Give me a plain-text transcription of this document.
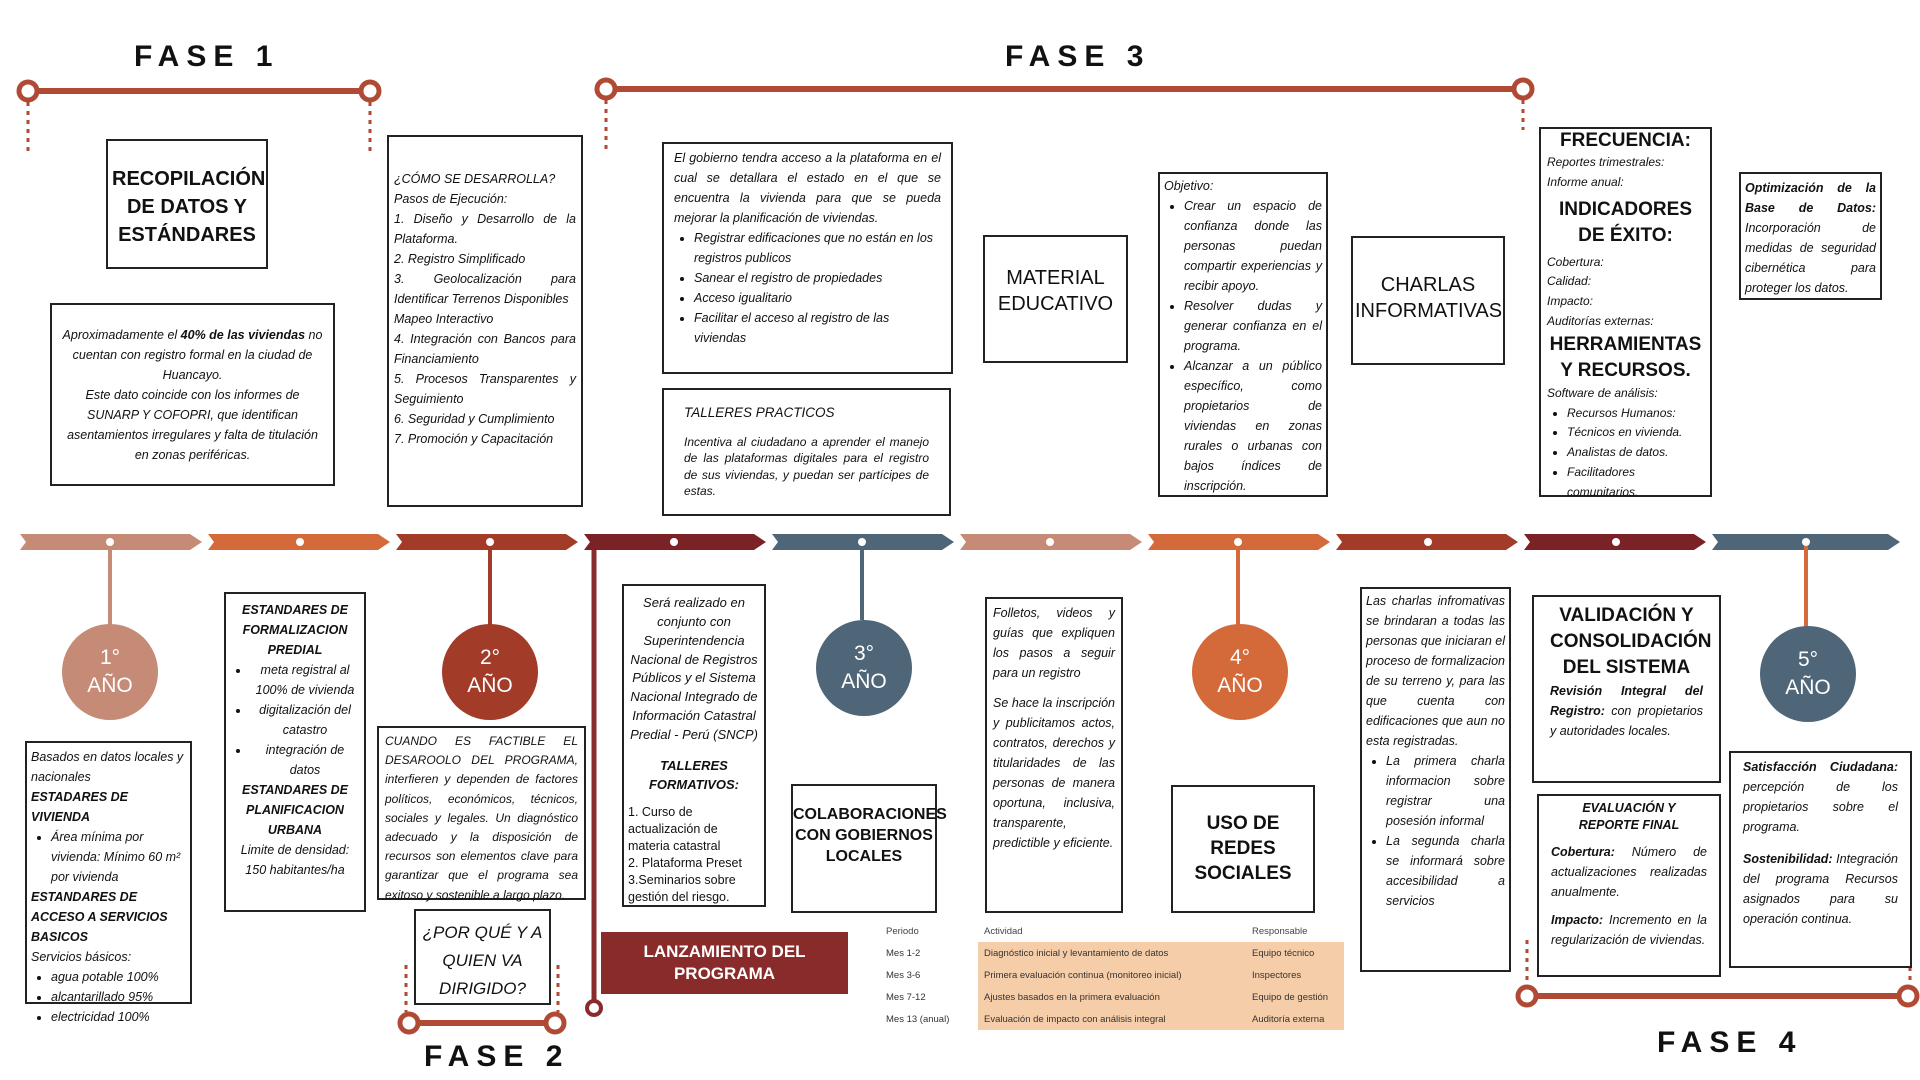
FASE 1	FASE 3
FASE 2	FASE 4
RECOPILACIÓN DE DATOS Y ESTÁNDARES
Aproximadamente el 40% de las viviendas no cuentan con registro formal en la ciudad de Huancayo.
Este dato coincide con los informes de SUNARP Y COFOPRI, que identifican asentamientos irregulares y falta de titulación en zonas periféricas.
¿CÓMO SE DESARROLLA?
Pasos de Ejecución:
1. Diseño y Desarrollo de la Plataforma.
2. Registro Simplificado
3. Geolocalización para Identificar Terrenos Disponibles
Mapeo Interactivo
4. Integración con Bancos para Financiamiento
5. Procesos Transparentes y Seguimiento
6. Seguridad y Cumplimiento
7. Promoción y Capacitación
El gobierno tendra acceso a la plataforma en el cual se detallara el estado en el que se encuentra la vivienda para que se pueda mejorar la planificación de viviendas.
• Registrar edificaciones que no están en los registros publicos
• Sanear el registro de propiedades
• Acceso igualitario
• Facilitar el acceso al registro de las viviendas
TALLERES PRACTICOS
Incentiva al ciudadano a aprender el manejo de las plataformas digitales para el registro de sus viviendas, y puedan ser partícipes de estas.
MATERIAL EDUCATIVO
Objetivo:
• Crear un espacio de confianza donde las personas puedan compartir experiencias y recibir apoyo.
• Resolver dudas y generar confianza en el programa.
• Alcanzar a un público específico, como propietarios de viviendas en zonas rurales o urbanas con bajos índices de inscripción.
CHARLAS INFORMATIVAS
FRECUENCIA:
Reportes trimestrales:
Informe anual:
INDICADORES DE ÉXITO:
Cobertura:
Calidad:
Impacto:
Auditorías externas:
HERRAMIENTAS Y RECURSOS.
Software de análisis:
• Recursos Humanos:
• Técnicos en vivienda.
• Analistas de datos.
• Facilitadores comunitarios.
Optimización de la Base de Datos: Incorporación de medidas de seguridad cibernética para proteger los datos.
1°
AÑO
2°
AÑO
3°
AÑO
4°
AÑO
5°
AÑO
ESTANDARES DE FORMALIZACION PREDIAL
• meta registral al 100% de vivienda
• digitalización del catastro
• integración de datos
ESTANDARES DE PLANIFICACION URBANA
Limite de densidad: 150 habitantes/ha
Basados en datos locales y nacionales
ESTADARES DE VIVIENDA
• Área mínima por vivienda: Mínimo 60 m² por vivienda
ESTANDARES DE ACCESO A SERVICIOS BASICOS
Servicios básicos:
• agua potable 100%
• alcantarillado 95%
• electricidad 100%
CUANDO ES FACTIBLE EL DESAROOLO DEL PROGRAMA, interfieren y dependen de factores políticos, económicos, técnicos, sociales y legales. Un diagnóstico adecuado y la disposición de recursos son elementos clave para garantizar que el programa sea exitoso y sostenible a largo plazo.
¿POR QUÉ Y A QUIEN VA DIRIGIDO?
Será realizado en conjunto con Superintendencia Nacional de Registros Públicos y el Sistema Nacional Integrado de Información Catastral Predial - Perú (SNCP)
TALLERES FORMATIVOS:
1. Curso de actualización de materia catastral
2. Plataforma Preset
3.Seminarios sobre gestión del riesgo.
COLABORACIONES CON GOBIERNOS LOCALES
LANZAMIENTO DEL PROGRAMA
Periodo	Actividad	Responsable
Mes 1-2	Diagnóstico inicial y levantamiento de datos	Equipo técnico
Mes 3-6	Primera evaluación continua (monitoreo inicial)	Inspectores
Mes 7-12	Ajustes basados en la primera evaluación	Equipo de gestión
Mes 13 (anual)	Evaluación de impacto con análisis integral	Auditoría externa
Folletos, videos y guías que expliquen los pasos a seguir para un registro
Se hace la inscripción y publicitamos actos, contratos, derechos y titularidades de las personas de manera oportuna, inclusiva, transparente, predictible y eficiente.
USO DE REDES SOCIALES
Las charlas infromativas se brindaran a todas las personas que iniciaran el proceso de formalizacion de su terreno y, para las que cuenta con edificaciones que aun no esta registradas.
• La primera charla informacion sobre registrar una posesión informal
• La segunda charla se informará sobre accesibilidad a servicios
VALIDACIÓN Y CONSOLIDACIÓN DEL SISTEMA
Revisión Integral del Registro: con propietarios y autoridades locales.
EVALUACIÓN Y REPORTE FINAL
Cobertura: Número de actualizaciones realizadas anualmente.
Impacto: Incremento en la regularización de viviendas.
Satisfacción Ciudadana: percepción de los propietarios sobre el programa.
Sostenibilidad: Integración del programa Recursos asignados para su operación continua.
